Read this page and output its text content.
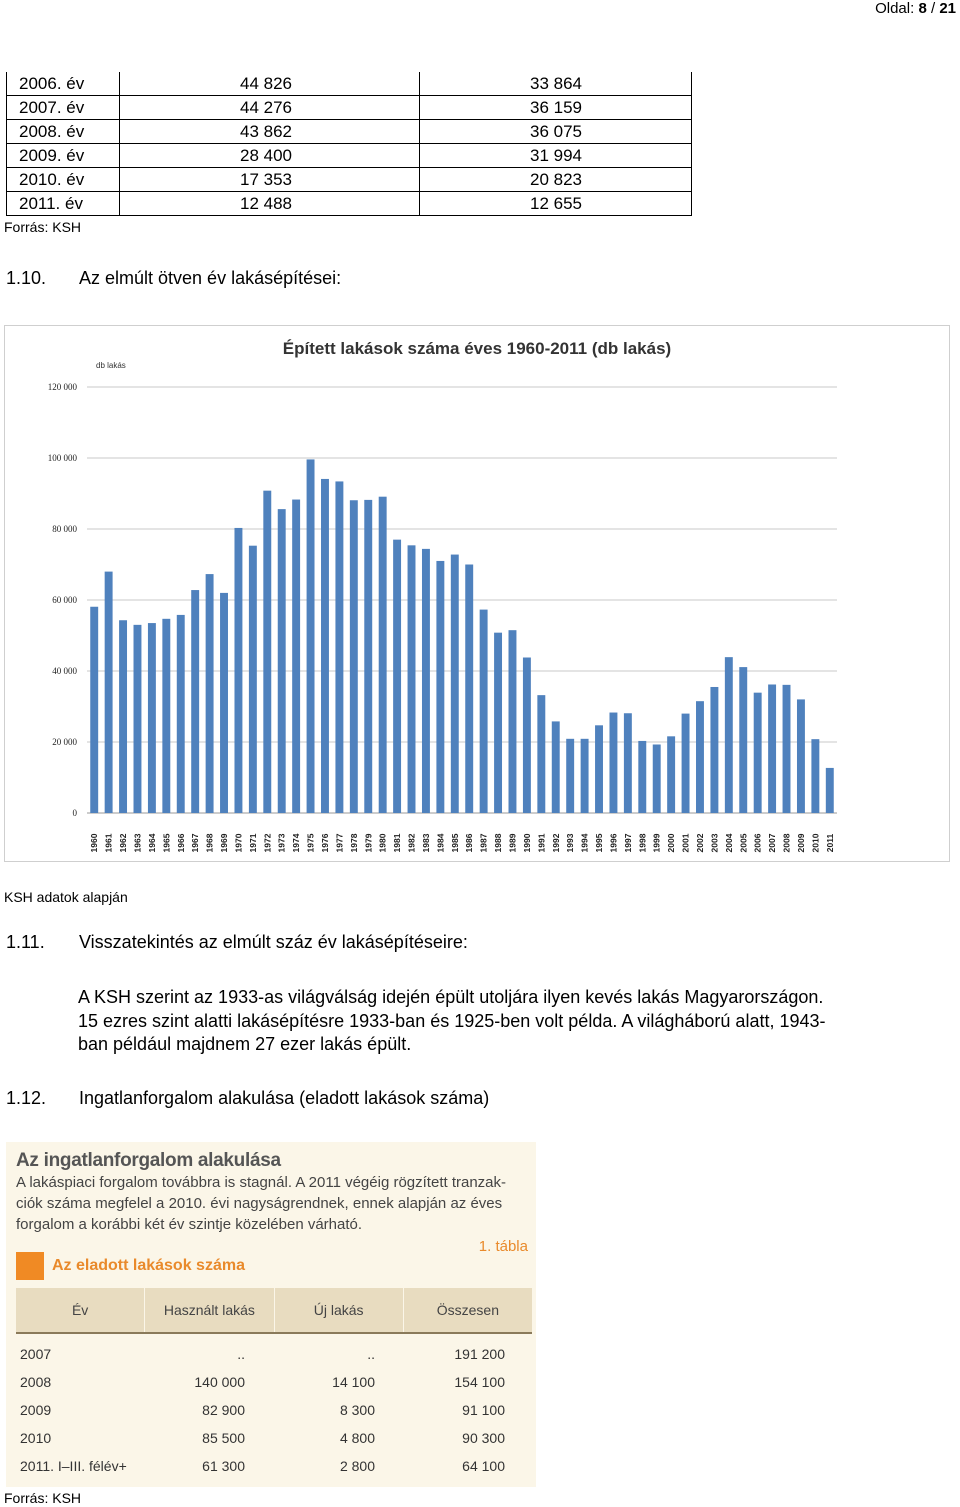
Oldal: 8 / 21
2006. év	44 826	33 864
2007. év	44 276	36 159
2008. év	43 862	36 075
2009. év	28 400	31 994
2010. év	17 353	20 823
2011. év	12 488	12 655
Forrás: KSH
1.10. Az elmúlt ötven év lakásépítései:
Épített lakások száma éves 1960-2011 (db lakás)
db lakás
0
20 000
40 000
60 000
80 000
100 000
120 000
1960 1961 1962 1963 1964 1965 1966 1967 1968 1969 1970 1971 1972 1973 1974 1975 1976 1977 1978 1979 1980 1981 1982 1983 1984 1985 1986 1987 1988 1989 1990 1991 1992 1993 1994 1995 1996 1997 1998 1999 2000 2001 2002 2003 2004 2005 2006 2007 2008 2009 2010 2011
KSH adatok alapján
1.11. Visszatekintés az elmúlt száz év lakásépítéseire:
A KSH szerint az 1933-as világválság idején épült utoljára ilyen kevés lakás Magyarországon.
15 ezres szint alatti lakásépítésre 1933-ban és 1925-ben volt példa. A világháború alatt, 1943-
ban például majdnem 27 ezer lakás épült.
1.12. Ingatlanforgalom alakulása (eladott lakások száma)
Az ingatlanforgalom alakulása
A lakáspiaci forgalom továbbra is stagnál. A 2011 végéig rögzített tranzak-
ciók száma megfelel a 2010. évi nagyságrendnek, ennek alapján az éves
forgalom a korábbi két év szintje közelében várható.
1. tábla
Az eladott lakások száma
Év	Használt lakás	Új lakás	Összesen
2007	..	..	191 200
2008	140 000	14 100	154 100
2009	82 900	8 300	91 100
2010	85 500	4 800	90 300
2011. I–III. félév+	61 300	2 800	64 100
Forrás: KSH
